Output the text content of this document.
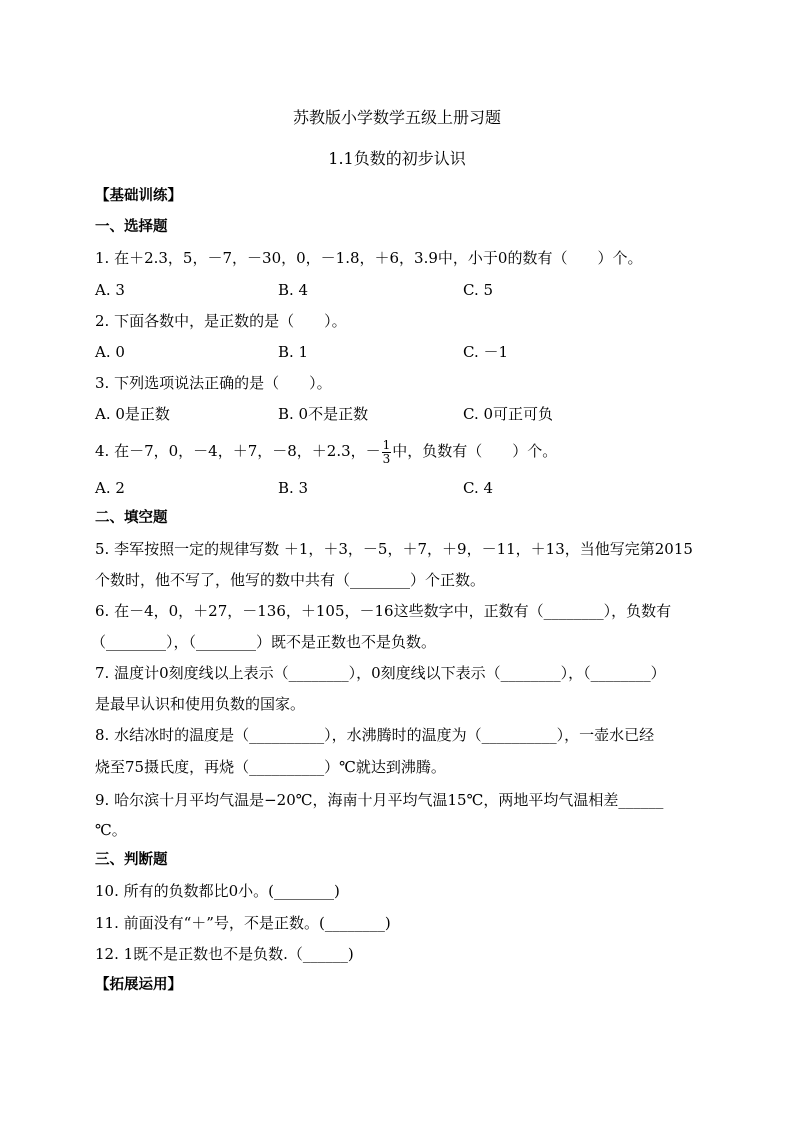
苏教版小学数学五级上册习题
1.1负数的初步认识
【基础训练】
一、选择题
1. 在＋2.3，5，－7，－30，0，－1.8，＋6，3.9中，小于0的数有（　　）个。
A. 3	B. 4	C. 5
2. 下面各数中，是正数的是（　　）。
A. 0	B. 1	C. －1
3. 下列选项说法正确的是（　　）。
A. 0是正数	B. 0不是正数	C. 0可正可负
4. 在－7，0，－4，＋7，－8，＋2.3，－ $\frac{1}{3}$ 中，负数有（　　）个。
A. 2	B. 3	C. 4
二、填空题
5. 李军按照一定的规律写数 ＋1，＋3，－5，＋7，＋9，－11，＋13，当他写完第2015
个数时，他不写了，他写的数中共有（________）个正数。
6. 在－4，0，＋27，－136，＋105，－16这些数字中，正数有（________），负数有
（________），（________）既不是正数也不是负数。
7. 温度计0刻度线以上表示（________），0刻度线以下表示（________），（________）
是最早认识和使用负数的国家。
8. 水结冰时的温度是（__________），水沸腾时的温度为（__________），一壶水已经
烧至75摄氏度，再烧（__________）℃就达到沸腾。
9. 哈尔滨十月平均气温是−20℃，海南十月平均气温15℃，两地平均气温相差______
℃。
三、判断题
10. 所有的负数都比0小。(________)
11. 前面没有“＋”号，不是正数。(________)
12. 1既不是正数也不是负数.（______)
【拓展运用】
